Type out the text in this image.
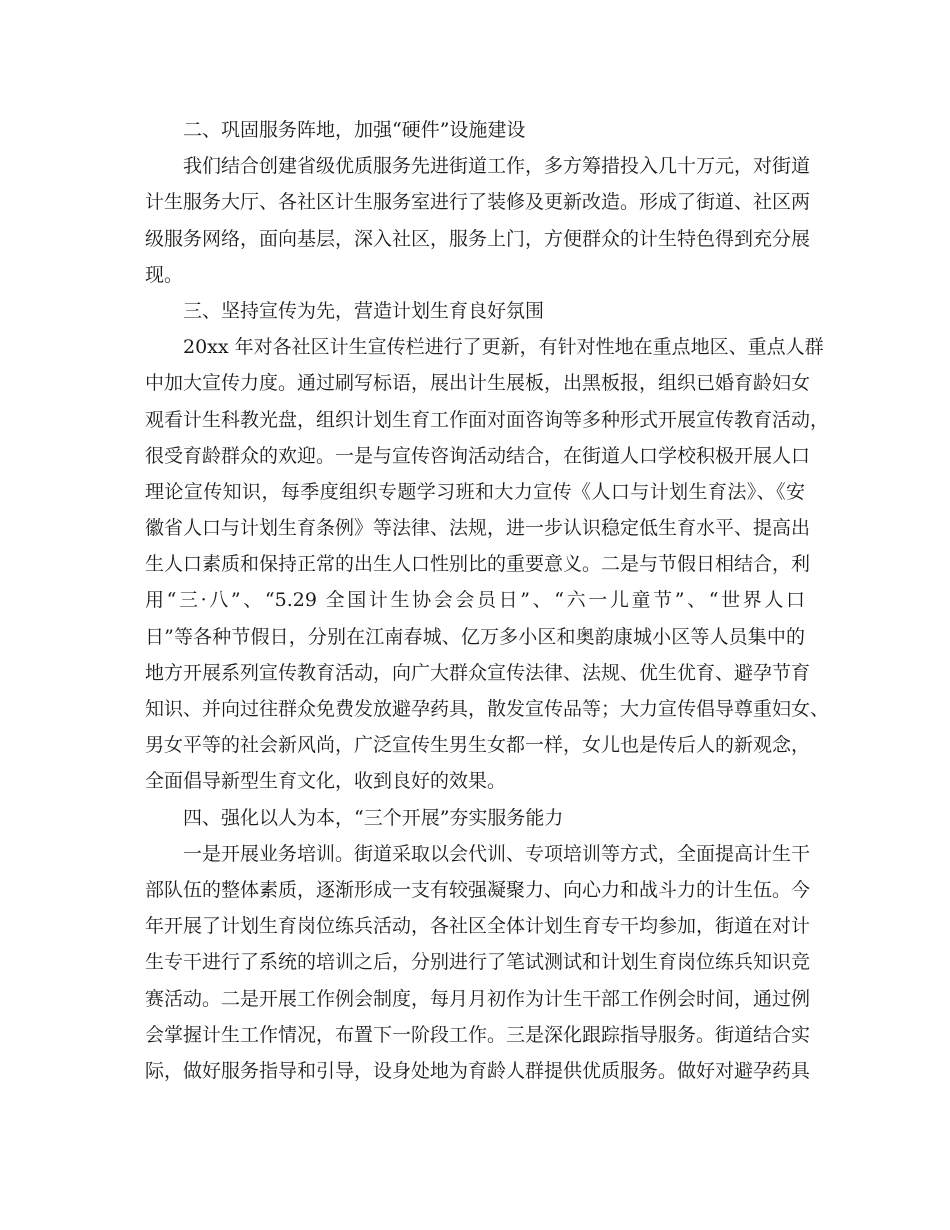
二、巩固服务阵地，加强“硬件”设施建设
我们结合创建省级优质服务先进街道工作，多方筹措投入几十万元，对街道
计生服务大厅、各社区计生服务室进行了装修及更新改造。形成了街道、社区两
级服务网络，面向基层，深入社区，服务上门，方便群众的计生特色得到充分展
现。
三、坚持宣传为先，营造计划生育良好氛围
20xx 年对各社区计生宣传栏进行了更新，有针对性地在重点地区、重点人群
中加大宣传力度。通过刷写标语，展出计生展板，出黑板报，组织已婚育龄妇女
观看计生科教光盘，组织计划生育工作面对面咨询等多种形式开展宣传教育活动，
很受育龄群众的欢迎。一是与宣传咨询活动结合，在街道人口学校积极开展人口
理论宣传知识，每季度组织专题学习班和大力宣传《人口与计划生育法》、《安
徽省人口与计划生育条例》等法律、法规，进一步认识稳定低生育水平、提高出
生人口素质和保持正常的出生人口性别比的重要意义。二是与节假日相结合，利
用“三·八”、“5.29 全国计生协会会员日”、“六一儿童节”、“世界人口
日”等各种节假日，分别在江南春城、亿万多小区和奥韵康城小区等人员集中的
地方开展系列宣传教育活动，向广大群众宣传法律、法规、优生优育、避孕节育
知识、并向过往群众免费发放避孕药具，散发宣传品等；大力宣传倡导尊重妇女、
男女平等的社会新风尚，广泛宣传生男生女都一样，女儿也是传后人的新观念，
全面倡导新型生育文化，收到良好的效果。
四、强化以人为本，“三个开展”夯实服务能力
一是开展业务培训。街道采取以会代训、专项培训等方式，全面提高计生干
部队伍的整体素质，逐渐形成一支有较强凝聚力、向心力和战斗力的计生伍。今
年开展了计划生育岗位练兵活动，各社区全体计划生育专干均参加，街道在对计
生专干进行了系统的培训之后，分别进行了笔试测试和计划生育岗位练兵知识竞
赛活动。二是开展工作例会制度，每月月初作为计生干部工作例会时间，通过例
会掌握计生工作情况，布置下一阶段工作。三是深化跟踪指导服务。街道结合实
际，做好服务指导和引导，设身处地为育龄人群提供优质服务。做好对避孕药具
